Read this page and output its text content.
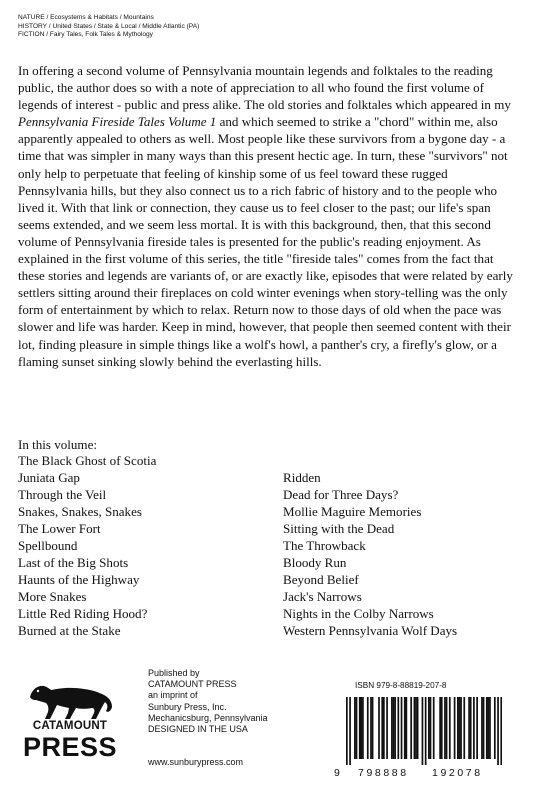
NATURE / Ecosystems & Habitats / Mountains
HISTORY / United States / State & Local / Middle Atlantic (PA)
FICTION / Fairy Tales, Folk Tales & Mythology

In offering a second volume of Pennsylvania mountain legends and folktales to the reading public, the author does so with a note of appreciation to all who found the first volume of legends of interest - public and press alike. The old stories and folktales which appeared in my Pennsylvania Fireside Tales Volume 1 and which seemed to strike a "chord" within me, also apparently appealed to others as well. Most people like these survivors from a bygone day - a time that was simpler in many ways than this present hectic age. In turn, these "survivors" not only help to perpetuate that feeling of kinship some of us feel toward these rugged Pennsylvania hills, but they also connect us to a rich fabric of history and to the people who lived it. With that link or connection, they cause us to feel closer to the past; our life's span seems extended, and we seem less mortal. It is with this background, then, that this second volume of Pennsylvania fireside tales is presented for the public's reading enjoyment. As explained in the first volume of this series, the title "fireside tales" comes from the fact that these stories and legends are variants of, or are exactly like, episodes that were related by early settlers sitting around their fireplaces on cold winter evenings when story-telling was the only form of entertainment by which to relax. Return now to those days of old when the pace was slower and life was harder. Keep in mind, however, that people then seemed content with their lot, finding pleasure in simple things like a wolf's howl, a panther's cry, a firefly's glow, or a flaming sunset sinking slowly behind the everlasting hills.

In this volume:
The Black Ghost of Scotia
Juniata Gap
Through the Veil
Snakes, Snakes, Snakes
The Lower Fort
Spellbound
Last of the Big Shots
Haunts of the Highway
More Snakes
Little Red Riding Hood?
Burned at the Stake
Ridden
Dead for Three Days?
Mollie Maguire Memories
Sitting with the Dead
The Throwback
Bloody Run
Beyond Belief
Jack's Narrows
Nights in the Colby Narrows
Western Pennsylvania Wolf Days
CATAMOUNT
PRESS
Published by
CATAMOUNT PRESS
an imprint of
Sunbury Press, Inc.
Mechanicsburg, Pennsylvania
DESIGNED IN THE USA
www.sunburypress.com
9 798888 192078
ISBN 979-8-88819-207-8
